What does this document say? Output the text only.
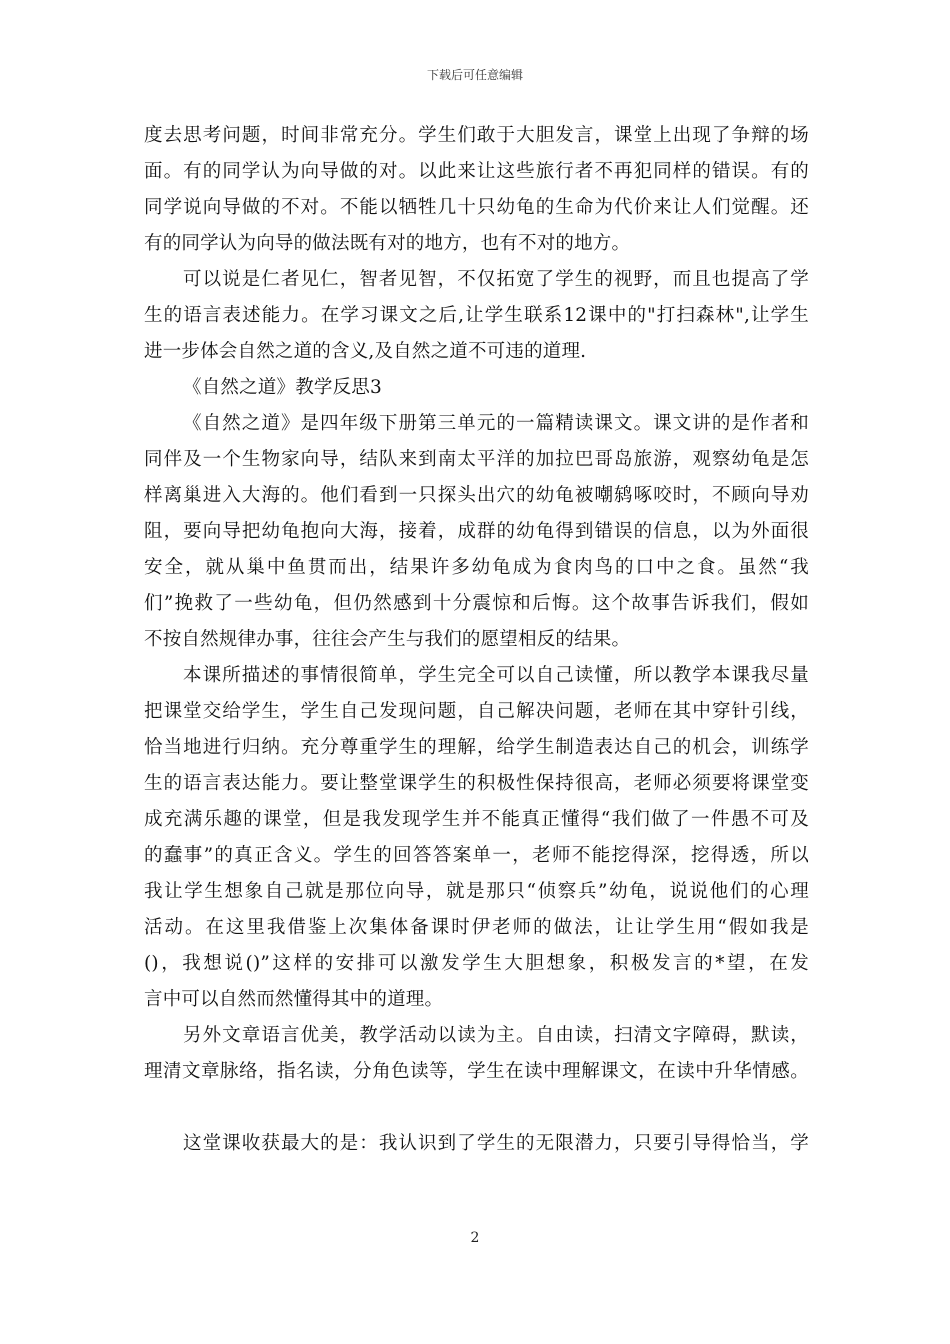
下载后可任意编辑
度去思考问题，时间非常充分。学生们敢于大胆发言，课堂上出现了争辩的场
面。有的同学认为向导做的对。以此来让这些旅行者不再犯同样的错误。有的
同学说向导做的不对。不能以牺牲几十只幼龟的生命为代价来让人们觉醒。还
有的同学认为向导的做法既有对的地方，也有不对的地方。
可以说是仁者见仁，智者见智，不仅拓宽了学生的视野，而且也提高了学
生的语言表述能力。在学习课文之后,让学生联系12课中的"打扫森林",让学生
进一步体会自然之道的含义,及自然之道不可违的道理.
《自然之道》教学反思3
《自然之道》是四年级下册第三单元的一篇精读课文。课文讲的是作者和
同伴及一个生物家向导，结队来到南太平洋的加拉巴哥岛旅游，观察幼龟是怎
样离巢进入大海的。他们看到一只探头出穴的幼龟被嘲鸫啄咬时，不顾向导劝
阻，要向导把幼龟抱向大海，接着，成群的幼龟得到错误的信息，以为外面很
安全，就从巢中鱼贯而出，结果许多幼龟成为食肉鸟的口中之食。虽然“我
们”挽救了一些幼龟，但仍然感到十分震惊和后悔。这个故事告诉我们，假如
不按自然规律办事，往往会产生与我们的愿望相反的结果。
本课所描述的事情很简单，学生完全可以自己读懂，所以教学本课我尽量
把课堂交给学生，学生自己发现问题，自己解决问题，老师在其中穿针引线，
恰当地进行归纳。充分尊重学生的理解，给学生制造表达自己的机会，训练学
生的语言表达能力。要让整堂课学生的积极性保持很高，老师必须要将课堂变
成充满乐趣的课堂，但是我发现学生并不能真正懂得“我们做了一件愚不可及
的蠢事”的真正含义。学生的回答答案单一，老师不能挖得深，挖得透，所以
我让学生想象自己就是那位向导，就是那只“侦察兵”幼龟，说说他们的心理
活动。在这里我借鉴上次集体备课时伊老师的做法，让让学生用“假如我是
()，我想说()”这样的安排可以激发学生大胆想象，积极发言的*望，在发
言中可以自然而然懂得其中的道理。
另外文章语言优美，教学活动以读为主。自由读，扫清文字障碍，默读，
理清文章脉络，指名读，分角色读等，学生在读中理解课文，在读中升华情感。

这堂课收获最大的是：我认识到了学生的无限潜力，只要引导得恰当，学
2
